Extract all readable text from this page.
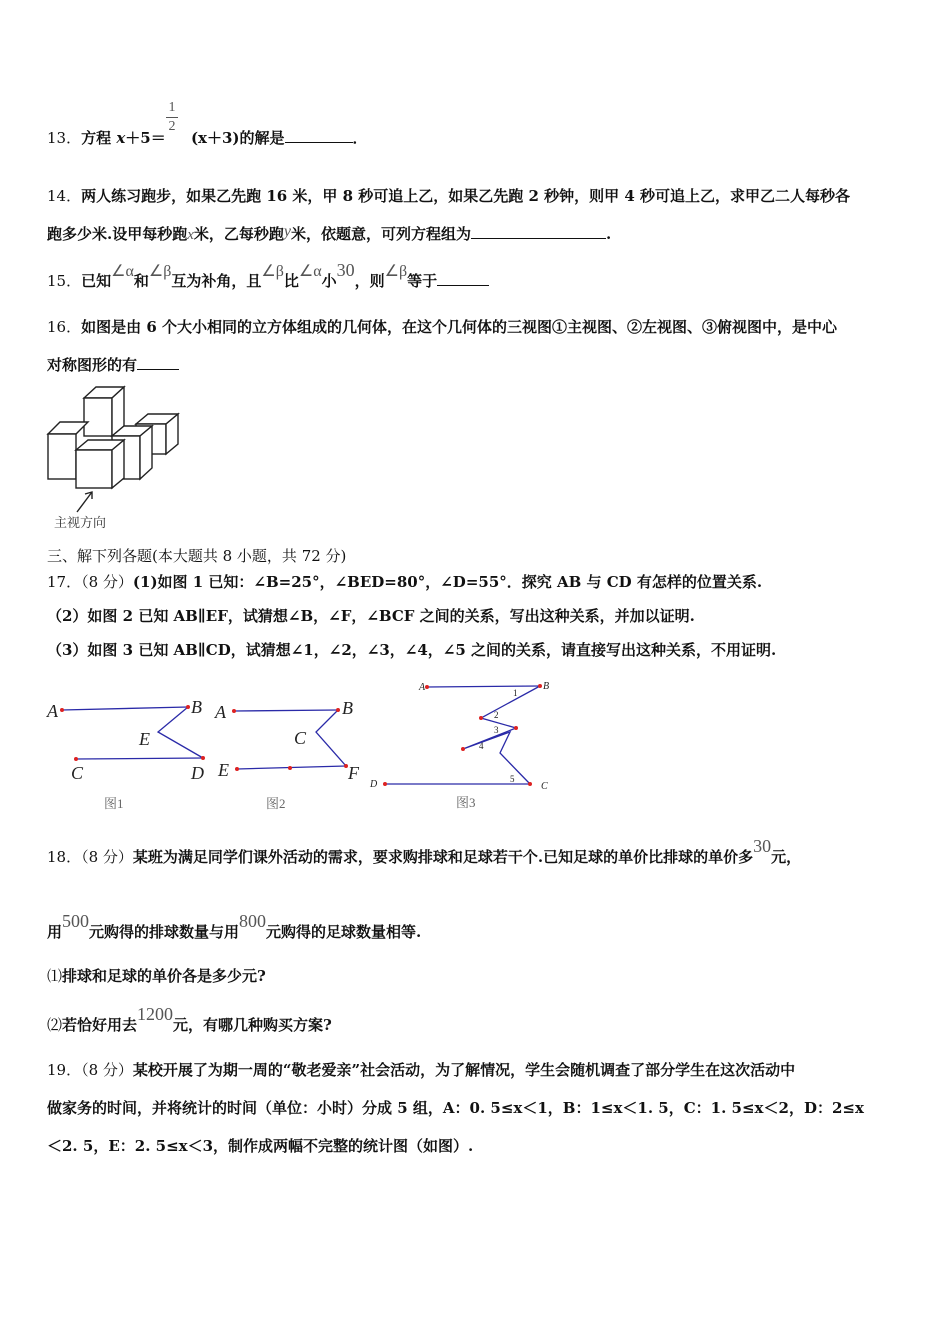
1
2
13．方程 x＋5＝ (x＋3)的解是	．
14．两人练习跑步，如果乙先跑 16 米，甲 8 秒可追上乙，如果乙先跑 2 秒钟，则甲 4 秒可追上乙，求甲乙二人每秒各
跑多少米.设甲每秒跑x米，乙每秒跑y米，依题意，可列方程组为	.
15．已知∠α和∠β互为补角，且∠β比∠α小30，则∠β等于
16．如图是由 6 个大小相同的立方体组成的几何体，在这个几何体的三视图①主视图、②左视图、③俯视图中，是中心
对称图形的有
主视方向
三、解下列各题(本大题共 8 小题，共 72 分)
17．（8 分）(1)如图 1 已知：∠B=25°，∠BED=80°，∠D=55°．探究 AB 与 CD 有怎样的位置关系.
（2）如图 2 已知 AB∥EF，试猜想∠B，∠F，∠BCF 之间的关系，写出这种关系，并加以证明.
（3）如图 3 已知 AB∥CD，试猜想∠1，∠2，∠3，∠4，∠5 之间的关系，请直接写出这种关系，不用证明.
A	B
E
C	D
图1
A	B
C
E	F
图2
A	B
C
D
1
2
3
4
5
图3
18．（8 分）某班为满足同学们课外活动的需求，要求购排球和足球若干个.已知足球的单价比排球的单价多30元，
用500元购得的排球数量与用800元购得的足球数量相等.
⑴排球和足球的单价各是多少元?
⑵若恰好用去1200元，有哪几种购买方案?
19．（8 分）某校开展了为期一周的“敬老爱亲”社会活动，为了解情况，学生会随机调查了部分学生在这次活动中
做家务的时间，并将统计的时间（单位：小时）分成 5 组，A：0. 5≤x＜1，B：1≤x＜1. 5，C：1. 5≤x＜2，D：2≤x
＜2. 5，E：2. 5≤x＜3，制作成两幅不完整的统计图（如图）.
